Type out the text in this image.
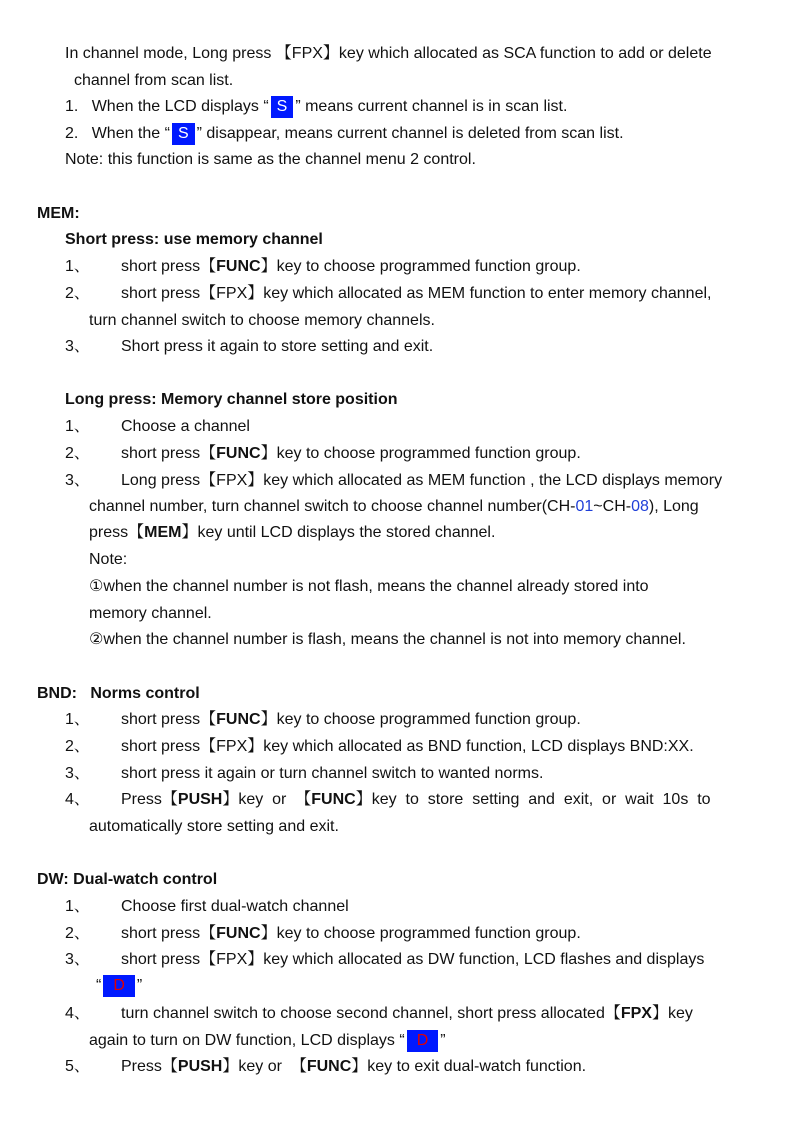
In channel mode, Long press 【FPX】key which allocated as SCA function to add or delete
channel from scan list.
1. When the LCD displays “ S ” means current channel is in scan list.
2. When the “ S ” disappear, means current channel is deleted from scan list.
Note: this function is same as the channel menu 2 control.
MEM:
Short press: use memory channel
1、 short press【FUNC】key to choose programmed function group.
2、 short press【FPX】key which allocated as MEM function to enter memory channel,
turn channel switch to choose memory channels.
3、 Short press it again to store setting and exit.
Long press: Memory channel store position
1、 Choose a channel
2、 short press【FUNC】key to choose programmed function group.
3、 Long press【FPX】key which allocated as MEM function , the LCD displays memory
channel number, turn channel switch to choose channel number(CH-01~CH-08), Long
press【MEM】key until LCD displays the stored channel.
Note:
①when the channel number is not flash, means the channel already stored into
memory channel.
②when the channel number is flash, means the channel is not into memory channel.
BND:   Norms control
1、 short press【FUNC】key to choose programmed function group.
2、 short press【FPX】key which allocated as BND function, LCD displays BND:XX.
3、 short press it again or turn channel switch to wanted norms.
4、 Press【PUSH】key  or  【FUNC】key  to  store  setting  and  exit,  or  wait  10s  to
automatically store setting and exit.
DW: Dual-watch control
1、 Choose first dual-watch channel
2、 short press【FUNC】key to choose programmed function group.
3、 short press【FPX】key which allocated as DW function, LCD flashes and displays
“ D ”
4、 turn channel switch to choose second channel, short press allocated【FPX】key
again to turn on DW function, LCD displays “ D ”
5、 Press【PUSH】key or  【FUNC】key to exit dual-watch function.
